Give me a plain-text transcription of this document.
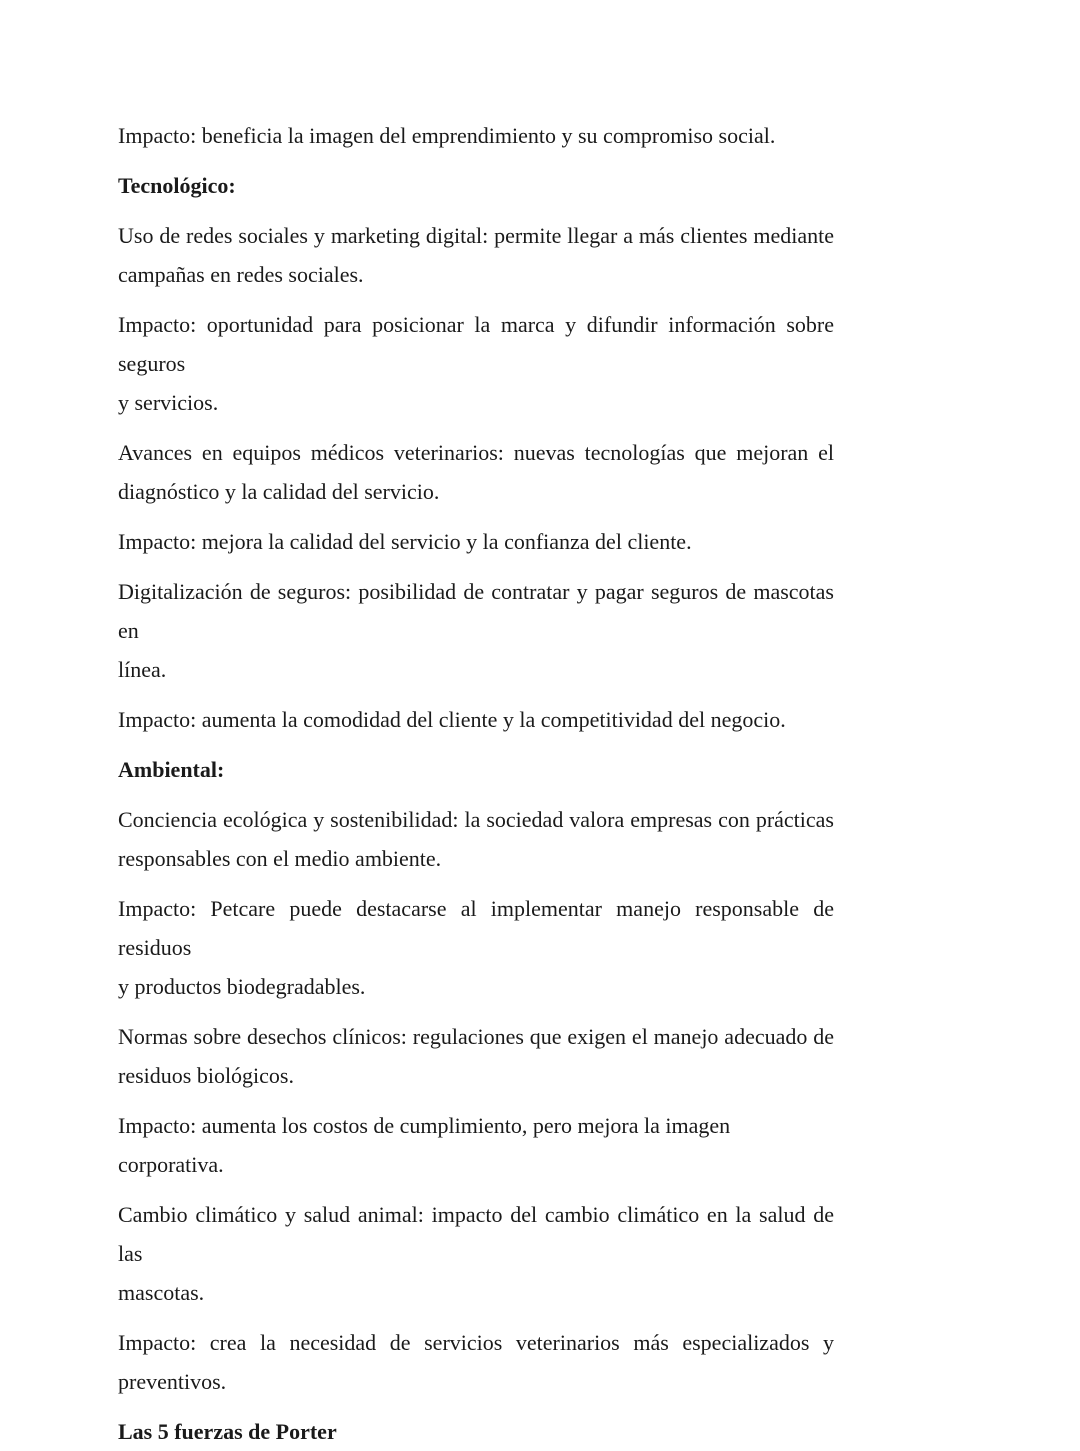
Impacto: beneficia la imagen del emprendimiento y su compromiso social.

Tecnológico:

Uso de redes sociales y marketing digital: permite llegar a más clientes mediante
campañas en redes sociales.

Impacto: oportunidad para posicionar la marca y difundir información sobre seguros
y servicios.

Avances en equipos médicos veterinarios: nuevas tecnologías que mejoran el
diagnóstico y la calidad del servicio.

Impacto: mejora la calidad del servicio y la confianza del cliente.

Digitalización de seguros: posibilidad de contratar y pagar seguros de mascotas en
línea.

Impacto: aumenta la comodidad del cliente y la competitividad del negocio.

Ambiental:

Conciencia ecológica y sostenibilidad: la sociedad valora empresas con prácticas
responsables con el medio ambiente.

Impacto: Petcare puede destacarse al implementar manejo responsable de residuos
y productos biodegradables.

Normas sobre desechos clínicos: regulaciones que exigen el manejo adecuado de
residuos biológicos.

Impacto: aumenta los costos de cumplimiento, pero mejora la imagen corporativa.

Cambio climático y salud animal: impacto del cambio climático en la salud de las
mascotas.

Impacto: crea la necesidad de servicios veterinarios más especializados y
preventivos.

Las 5 fuerzas de Porter
